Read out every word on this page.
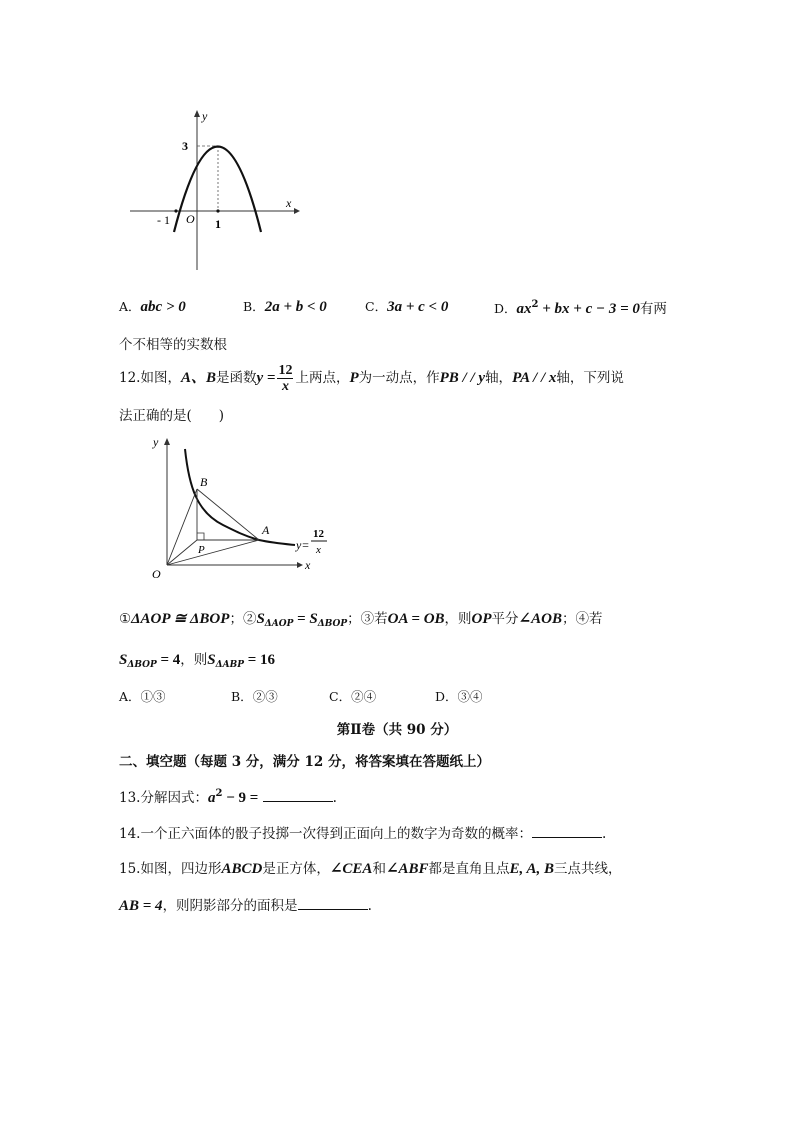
y
x
3
- 1 O 1
A．abc > 0	B．2a + b < 0	C．3a + c < 0	D．$ax^2$ + bx + c − 3 = 0有两
个不相等的实数根
12.如图，A、B是函数$y = \frac{12}{x}$ 上两点，P为一动点，作PB / / y轴，PA / / x轴，下列说
法正确的是(　　)
y
x
O
B
A
P	y=
12
x
①ΔAOP ≅ ΔBOP；$②S_{\Delta AOP} = S_{\Delta BOP}$；③若OA = OB，则OP平分∠AOB；④若
$S_{\Delta BOP} = 4$，则$S_{\Delta ABP} = 16$
A．①③	B．②③	C．②④	D．③④
第Ⅱ卷（共 90 分）
二、填空题（每题 3 分，满分 12 分，将答案填在答题纸上）
13.分解因式：$a^2 - 9$ =	.
14.一个正六面体的骰子投掷一次得到正面向上的数字为奇数的概率：	.
15.如图，四边形ABCD是正方体，∠CEA和∠ABF都是直角且点E, A, B三点共线，
AB = 4，则阴影部分的面积是	.
